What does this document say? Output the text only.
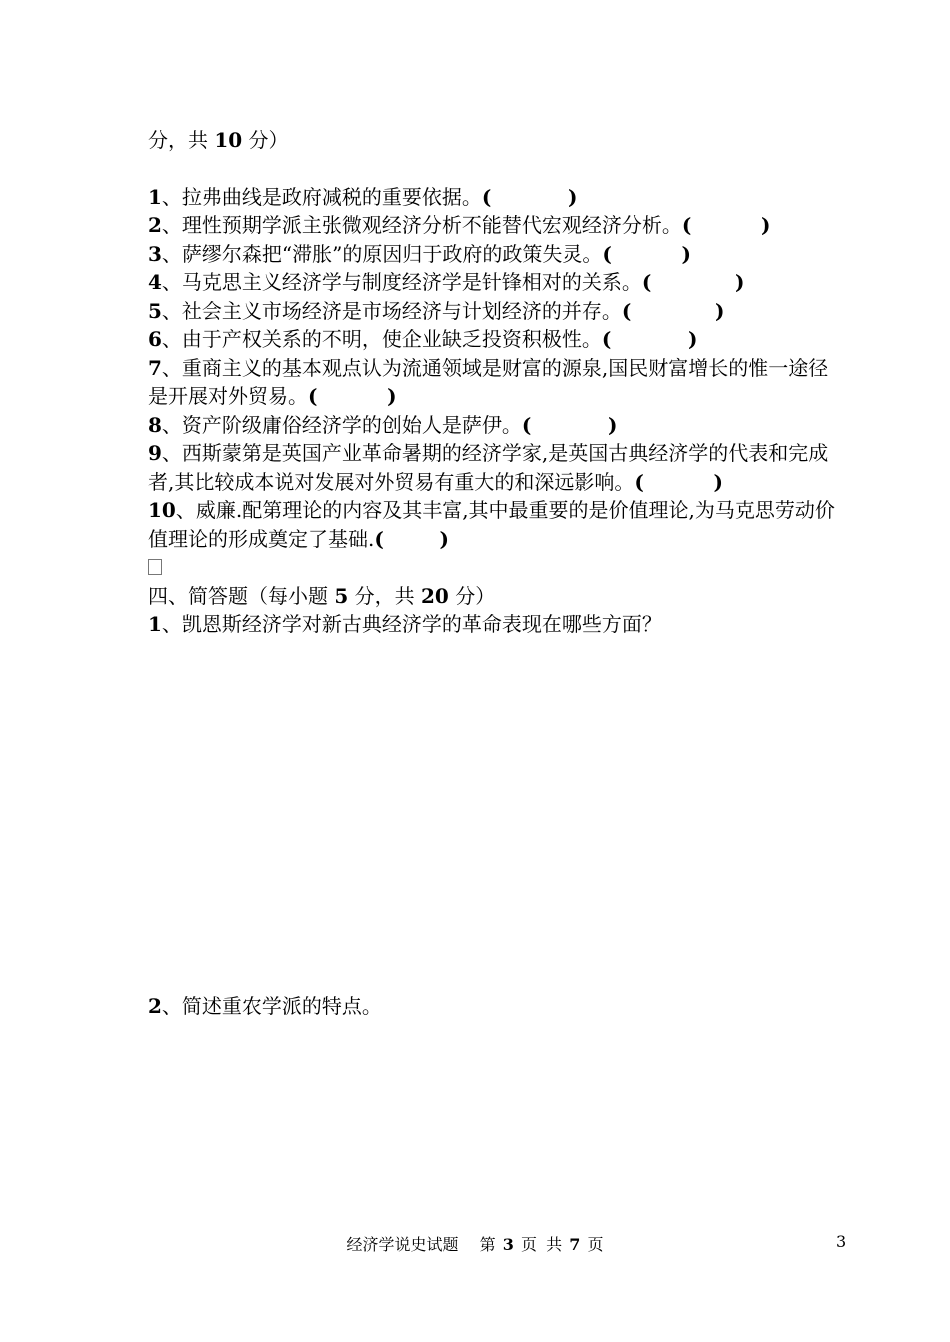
分，共 10 分）

1、拉弗曲线是政府减税的重要依据。(           )

2、理性预期学派主张微观经济分析不能替代宏观经济分析。(          )

3、萨缪尔森把“滞胀”的原因归于政府的政策失灵。(          )

4、马克思主义经济学与制度经济学是针锋相对的关系。(            )

5、社会主义市场经济是市场经济与计划经济的并存。(            )

6、由于产权关系的不明，使企业缺乏投资积极性。(           )

7、重商主义的基本观点认为流通领域是财富的源泉,国民财富增长的惟一途径是开展对外贸易。(          )

8、资产阶级庸俗经济学的创始人是萨伊。(           )

9、西斯蒙第是英国产业革命暑期的经济学家,是英国古典经济学的代表和完成者,其比较成本说对发展对外贸易有重大的和深远影响。(          )

10、威廉.配第理论的内容及其丰富,其中最重要的是价值理论,为马克思劳动价值理论的形成奠定了基础.(        )

四、简答题（每小题 5 分，共 20 分）

1、凯恩斯经济学对新古典经济学的革命表现在哪些方面？

2、简述重农学派的特点。

经济学说史试题 第 3 页 共 7 页	3
